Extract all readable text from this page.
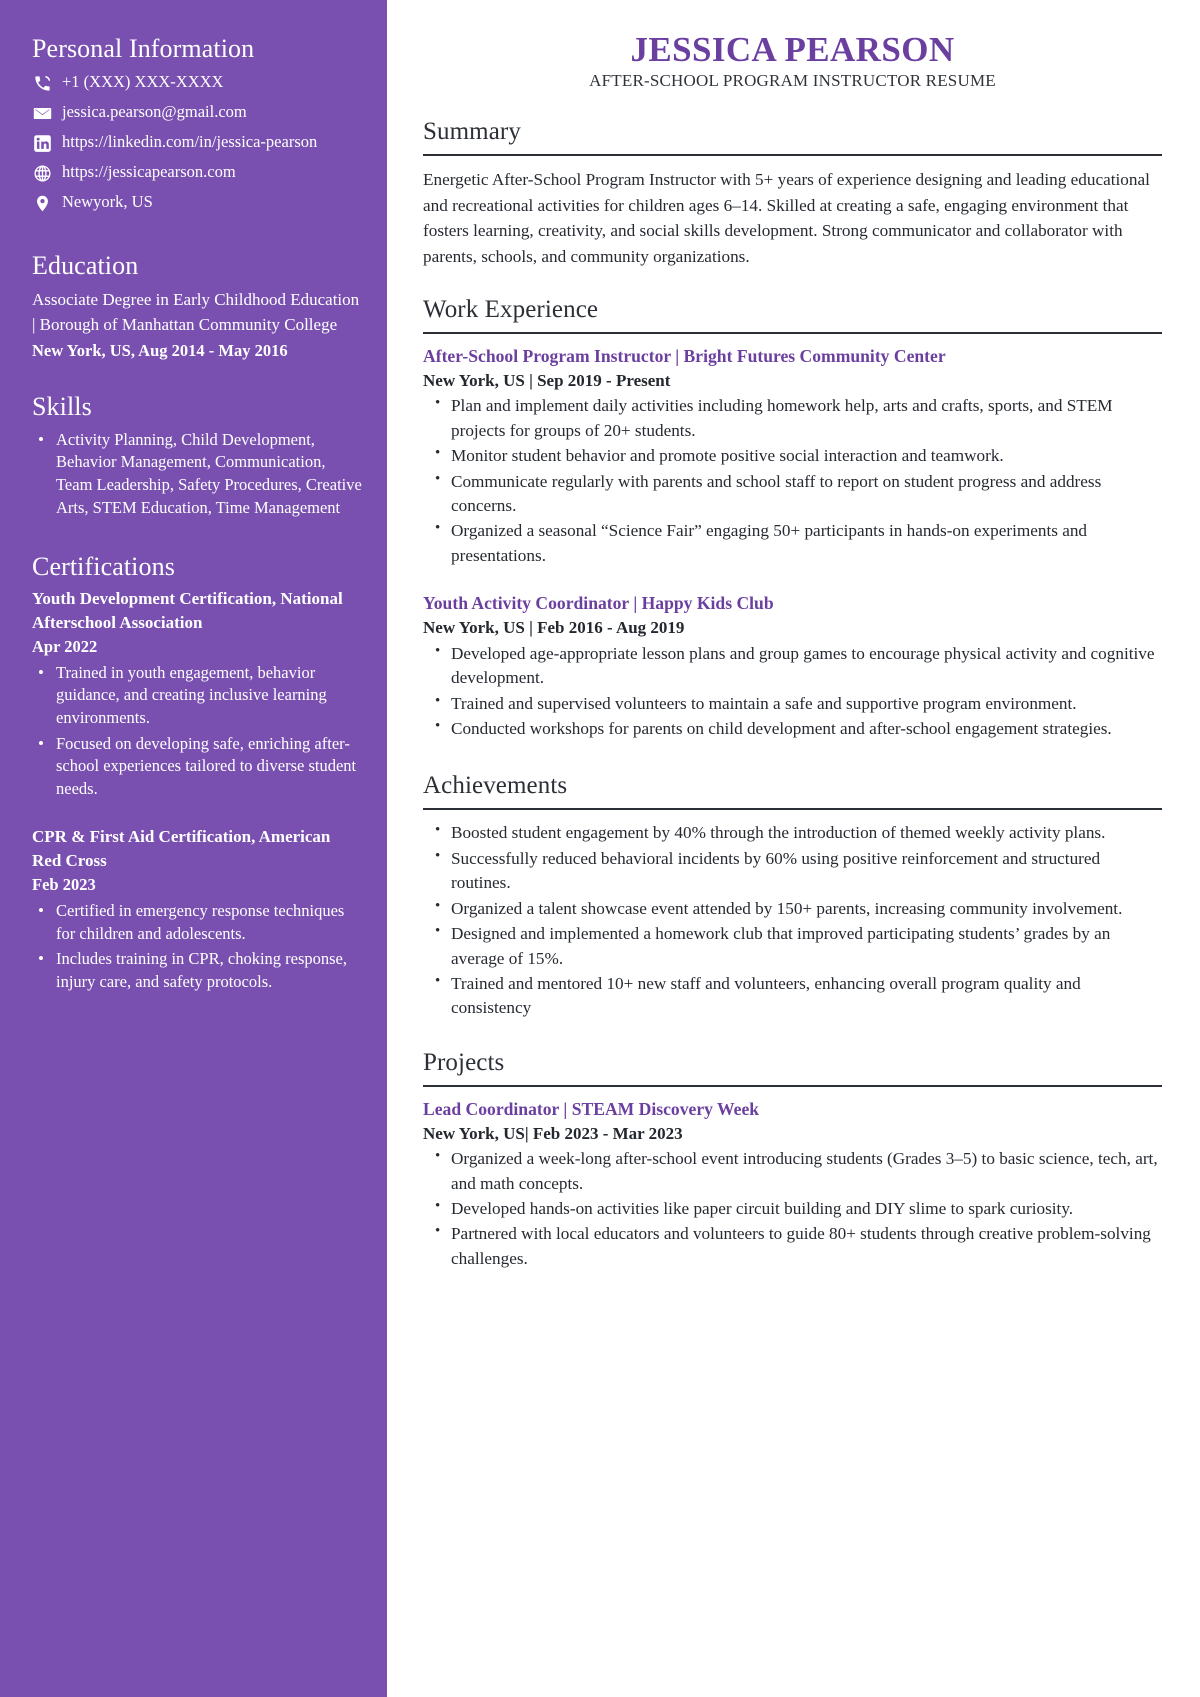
Personal Information
+1 (XXX) XXX-XXXX
jessica.pearson@gmail.com
https://linkedin.com/in/jessica-pearson
https://jessicapearson.com
Newyork, US
Education
Associate Degree in Early Childhood Education | Borough of Manhattan Community College
New York, US, Aug 2014 - May 2016
Skills
• Activity Planning, Child Development, Behavior Management, Communication, Team Leadership, Safety Procedures, Creative Arts, STEM Education, Time Management
Certifications
Youth Development Certification, National Afterschool Association
Apr 2022
• Trained in youth engagement, behavior guidance, and creating inclusive learning environments.
• Focused on developing safe, enriching after-school experiences tailored to diverse student needs.
CPR & First Aid Certification, American Red Cross
Feb 2023
• Certified in emergency response techniques for children and adolescents.
• Includes training in CPR, choking response, injury care, and safety protocols.
JESSICA PEARSON
AFTER-SCHOOL PROGRAM INSTRUCTOR RESUME
Summary

Energetic After-School Program Instructor with 5+ years of experience designing and leading educational and recreational activities for children ages 6–14. Skilled at creating a safe, engaging environment that fosters learning, creativity, and social skills development. Strong communicator and collaborator with parents, schools, and community organizations.

Work Experience
After-School Program Instructor | Bright Futures Community Center
New York, US | Sep 2019 - Present
• Plan and implement daily activities including homework help, arts and crafts, sports, and STEM projects for groups of 20+ students.
• Monitor student behavior and promote positive social interaction and teamwork.
• Communicate regularly with parents and school staff to report on student progress and address concerns.
• Organized a seasonal “Science Fair” engaging 50+ participants in hands-on experiments and presentations.
Youth Activity Coordinator | Happy Kids Club
New York, US | Feb 2016 - Aug 2019
• Developed age-appropriate lesson plans and group games to encourage physical activity and cognitive development.
• Trained and supervised volunteers to maintain a safe and supportive program environment.
• Conducted workshops for parents on child development and after-school engagement strategies.
Achievements
• Boosted student engagement by 40% through the introduction of themed weekly activity plans.
• Successfully reduced behavioral incidents by 60% using positive reinforcement and structured routines.
• Organized a talent showcase event attended by 150+ parents, increasing community involvement.
• Designed and implemented a homework club that improved participating students’ grades by an average of 15%.
• Trained and mentored 10+ new staff and volunteers, enhancing overall program quality and consistency
Projects
Lead Coordinator | STEAM Discovery Week
New York, US| Feb 2023 - Mar 2023
• Organized a week-long after-school event introducing students (Grades 3–5) to basic science, tech, art, and math concepts.
• Developed hands-on activities like paper circuit building and DIY slime to spark curiosity.
• Partnered with local educators and volunteers to guide 80+ students through creative problem-solving challenges.
